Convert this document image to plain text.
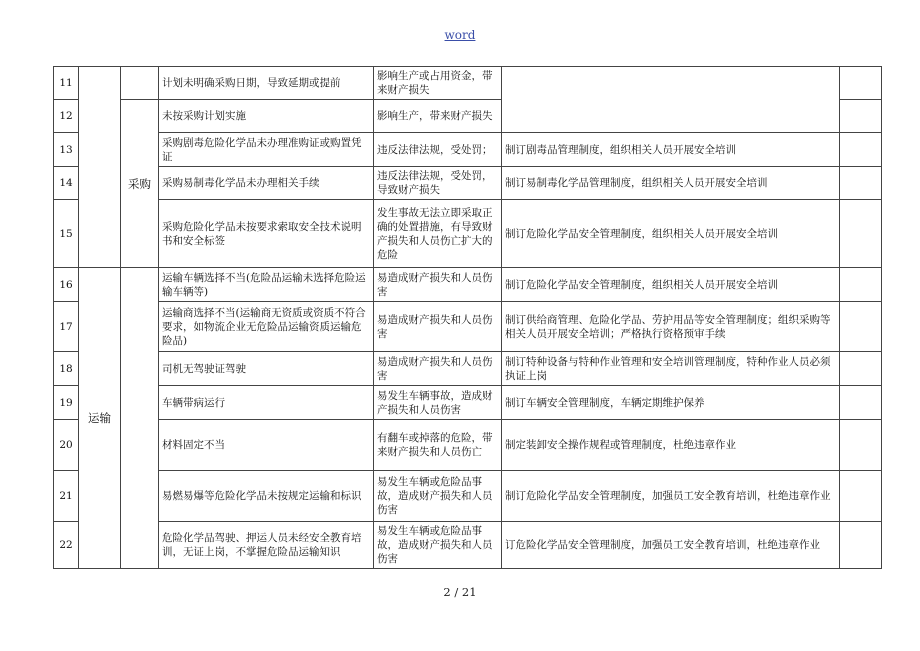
word
11			计划未明确采购日期，导致延期或提前	影响生产或占用资金，带来财产损失		
12		采购	未按采购计划实施	影响生产，带来财产损失		
13			采购剧毒危险化学品未办理准购证或购置凭证	违反法律法规，受处罚；	制订剧毒品管理制度，组织相关人员开展安全培训	
14			采购易制毒化学品未办理相关手续	违反法律法规，受处罚，导致财产损失	制订易制毒化学品管理制度，组织相关人员开展安全培训	
15			采购危险化学品未按要求索取安全技术说明书和安全标签	发生事故无法立即采取正确的处置措施，有导致财产损失和人员伤亡扩大的危险	制订危险化学品安全管理制度，组织相关人员开展安全培训	
16	运输		运输车辆选择不当(危险品运输未选择危险运输车辆等)	易造成财产损失和人员伤害	制订危险化学品安全管理制度，组织相关人员开展安全培训	
17			运输商选择不当(运输商无资质或资质不符合要求，如物流企业无危险品运输资质运输危险品)	易造成财产损失和人员伤害	制订供给商管理、危险化学品、劳护用品等安全管理制度；组织采购等相关人员开展安全培训；严格执行资格预审手续	
18			司机无驾驶证驾驶	易造成财产损失和人员伤害	制订特种设备与特种作业管理和安全培训管理制度，特种作业人员必须执证上岗	
19			车辆带病运行	易发生车辆事故，造成财产损失和人员伤害	制订车辆安全管理制度，车辆定期维护保养	
20			材料固定不当	有翻车或掉落的危险，带来财产损失和人员伤亡	制定装卸安全操作规程或管理制度，杜绝违章作业	
21			易燃易爆等危险化学品未按规定运输和标识	易发生车辆或危险品事故，造成财产损失和人员伤害	制订危险化学品安全管理制度，加强员工安全教育培训，杜绝违章作业	
22			危险化学品驾驶、押运人员未经安全教育培训，无证上岗，不掌握危险品运输知识	易发生车辆或危险品事故，造成财产损失和人员伤害	订危险化学品安全管理制度，加强员工安全教育培训，杜绝违章作业	
2 / 21
